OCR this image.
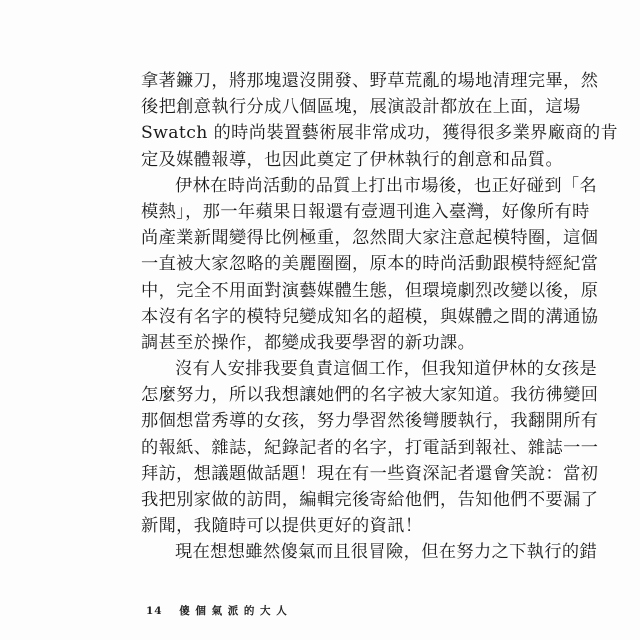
拿著鐮刀，將那塊還沒開發、野草荒亂的場地清理完畢，然
後把創意執行分成八個區塊，展演設計都放在上面，這場
Swatch 的時尚裝置藝術展非常成功，獲得很多業界廠商的肯
定及媒體報導，也因此奠定了伊林執行的創意和品質。
伊林在時尚活動的品質上打出市場後，也正好碰到「名
模熱」，那一年蘋果日報還有壹週刊進入臺灣，好像所有時
尚產業新聞變得比例極重，忽然間大家注意起模特圈，這個
一直被大家忽略的美麗圈圈，原本的時尚活動跟模特經紀當
中，完全不用面對演藝媒體生態，但環境劇烈改變以後，原
本沒有名字的模特兒變成知名的超模，與媒體之間的溝通協
調甚至於操作，都變成我要學習的新功課。
沒有人安排我要負責這個工作，但我知道伊林的女孩是
怎麼努力，所以我想讓她們的名字被大家知道。我彷彿變回
那個想當秀導的女孩，努力學習然後彎腰執行，我翻開所有
的報紙、雜誌，紀錄記者的名字，打電話到報社、雜誌一一
拜訪，想議題做話題！現在有一些資深記者還會笑說：當初
我把別家做的訪問，編輯完後寄給他們，告知他們不要漏了
新聞，我隨時可以提供更好的資訊！
現在想想雖然傻氣而且很冒險，但在努力之下執行的錯
14 傻 個 氣 派 的 大 人
